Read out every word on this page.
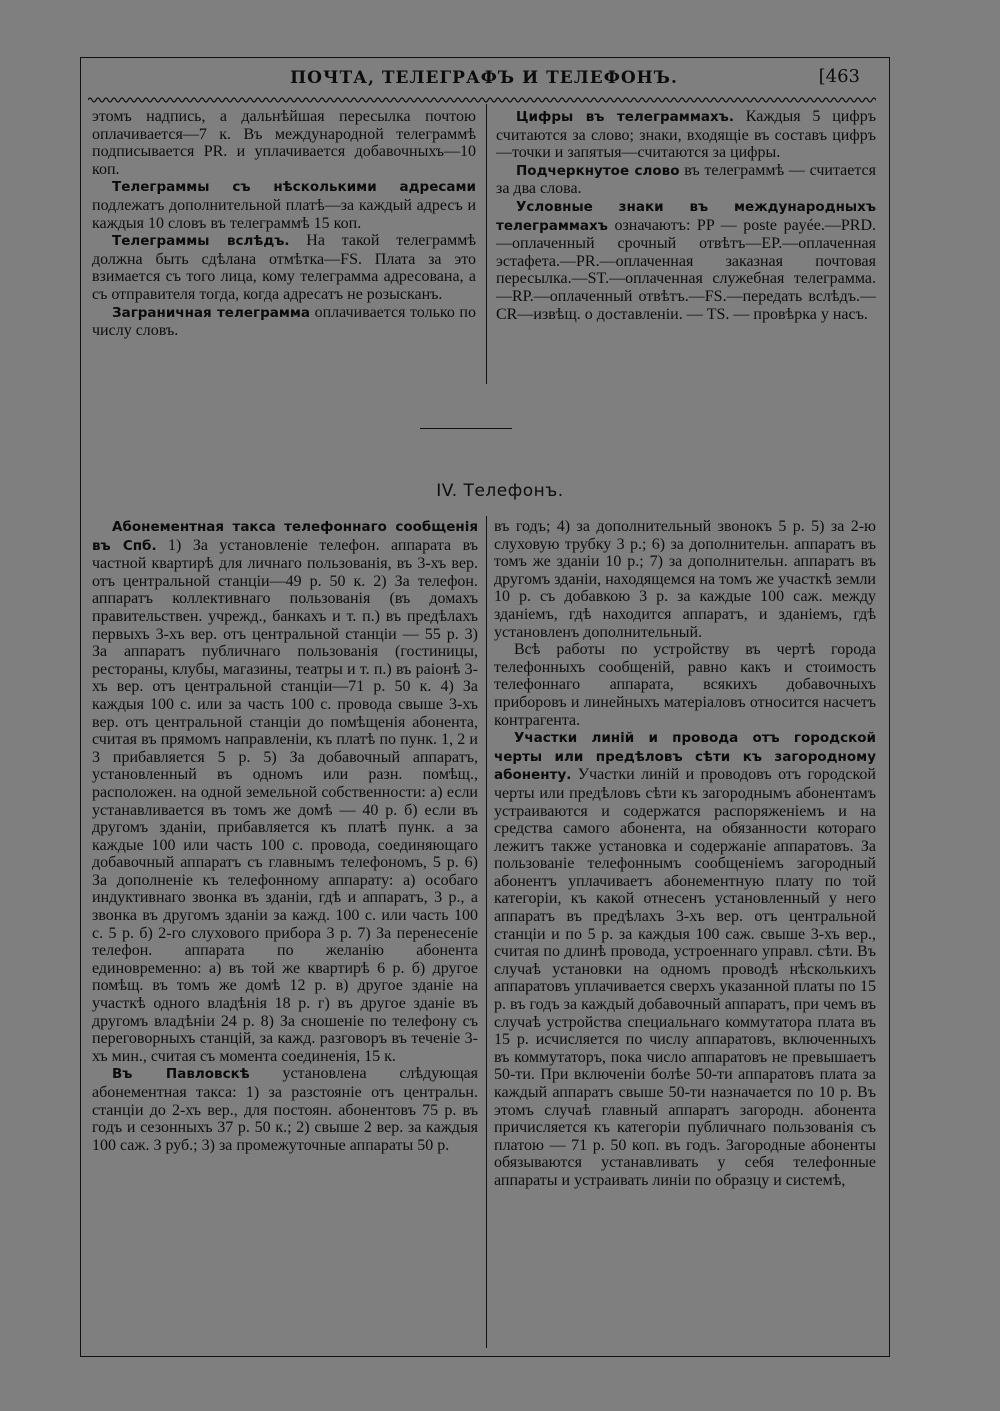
ПОЧТА, ТЕЛЕГРАФЪ И ТЕЛЕФОНЪ.	[463

этомъ надпись, а дальнѣйшая пересылка почтою оплачивается—7 к. Въ международной телеграммѣ подписывается PR. и уплачивается добавочныхъ—10 коп.

Телеграммы съ нѣсколькими адресами подлежатъ дополнительной платѣ—за каждый адресъ и каждыя 10 словъ въ телеграммѣ 15 коп.

Телеграммы вслѣдъ. На такой телеграммѣ должна быть сдѣлана отмѣтка—FS. Плата за это взимается съ того лица, кому телеграмма адресована, а съ отправителя тогда, когда адресатъ не розысканъ.

Заграничная телеграмма оплачивается только по числу словъ.

Цифры въ телеграммахъ. Каждыя 5 цифръ считаются за слово; знаки, входящіе въ составъ цифръ—точки и запятыя—считаются за цифры.

Подчеркнутое слово въ телеграммѣ — считается за два слова.

Условные знаки въ международныхъ телеграммахъ означаютъ: PP — poste payée.—PRD.—оплаченный срочный отвѣтъ—EP.—оплаченная эстафета.—PR.—оплаченная заказная почтовая пересылка.—ST.—оплаченная служебная телеграмма.—RP.—оплаченный отвѣтъ.—FS.—передать вслѣдъ.—CR—извѣщ. о доставленіи. — TS. — провѣрка у насъ.

IV. Телефонъ.

Абонементная такса телефоннаго сообщенія въ Спб. 1) За установленіе телефон. аппарата въ частной квартирѣ для личнаго пользованія, въ 3-хъ вер. отъ центральной станціи—49 р. 50 к. 2) За телефон. аппаратъ коллективнаго пользованія (въ домахъ правительствен. учрежд., банкахъ и т. п.) въ предѣлахъ первыхъ 3-хъ вер. отъ центральной станціи — 55 р. 3) За аппаратъ публичнаго пользованія (гостиницы, рестораны, клубы, магазины, театры и т. п.) въ раіонѣ 3-хъ вер. отъ центральной станціи—71 р. 50 к. 4) За каждыя 100 с. или за часть 100 с. провода свыше 3-хъ вер. отъ центральной станціи до помѣщенія абонента, считая въ прямомъ направленіи, къ платѣ по пунк. 1, 2 и 3 прибавляется 5 р. 5) За добавочный аппаратъ, установленный въ одномъ или разн. помѣщ., расположен. на одной земельной собственности: а) если устанавливается въ томъ же домѣ — 40 р. б) если въ другомъ зданіи, прибавляется къ платѣ пунк. а за каждые 100 или часть 100 с. провода, соединяющаго добавочный аппаратъ съ главнымъ телефономъ, 5 р. 6) За дополненіе къ телефонному аппарату: а) особаго индуктивнаго звонка въ зданіи, гдѣ и аппаратъ, 3 р., а звонка въ другомъ зданіи за кажд. 100 с. или часть 100 с. 5 р. б) 2-го слухового прибора 3 р. 7) За перенесеніе телефон. аппарата по желанію абонента единовременно: а) въ той же квартирѣ 6 р. б) другое помѣщ. въ томъ же домѣ 12 р. в) другое зданіе на участкѣ одного владѣнія 18 р. г) въ другое зданіе въ другомъ владѣніи 24 р. 8) За сношеніе по телефону съ переговорныхъ станцій, за кажд. разговоръ въ теченіе 3-хъ мин., считая съ момента соединенія, 15 к.

Въ Павловскѣ установлена слѣдующая абонементная такса: 1) за разстояніе отъ центральн. станціи до 2-хъ вер., для постоян. абонентовъ 75 р. въ годъ и сезонныхъ 37 р. 50 к.; 2) свыше 2 вер. за каждыя 100 саж. 3 руб.; 3) за промежуточные аппараты 50 р.

въ годъ; 4) за дополнительный звонокъ 5 р. 5) за 2-ю слуховую трубку 3 р.; 6) за дополнительн. аппаратъ въ томъ же зданіи 10 р.; 7) за дополнительн. аппаратъ въ другомъ зданіи, находящемся на томъ же участкѣ земли 10 р. съ добавкою 3 р. за каждые 100 саж. между зданіемъ, гдѣ находится аппаратъ, и зданіемъ, гдѣ установленъ дополнительный.

Всѣ работы по устройству въ чертѣ города телефонныхъ сообщеній, равно какъ и стоимость телефоннаго аппарата, всякихъ добавочныхъ приборовъ и линейныхъ матеріаловъ относится насчетъ контрагента.

Участки линій и провода отъ городской черты или предѣловъ сѣти къ загородному абоненту. Участки линій и проводовъ отъ городской черты или предѣловъ сѣти къ загороднымъ абонентамъ устраиваются и содержатся распоряженіемъ и на средства самого абонента, на обязанности котораго лежитъ также установка и содержаніе аппаратовъ. За пользованіе телефоннымъ сообщеніемъ загородный абонентъ уплачиваетъ абонементную плату по той категоріи, къ какой отнесенъ установленный у него аппаратъ въ предѣлахъ 3-хъ вер. отъ центральной станціи и по 5 р. за каждыя 100 саж. свыше 3-хъ вер., считая по длинѣ провода, устроеннаго управл. сѣти. Въ случаѣ установки на одномъ проводѣ нѣсколькихъ аппаратовъ уплачивается сверхъ указанной платы по 15 р. въ годъ за каждый добавочный аппаратъ, при чемъ въ случаѣ устройства специальнаго коммутатора плата въ 15 р. исчисляется по числу аппаратовъ, включенныхъ въ коммутаторъ, пока число аппаратовъ не превышаетъ 50-ти. При включеніи болѣе 50-ти аппаратовъ плата за каждый аппаратъ свыше 50-ти назначается по 10 р. Въ этомъ случаѣ главный аппаратъ загородн. абонента причисляется къ категоріи публичнаго пользованія съ платою — 71 р. 50 коп. въ годъ. Загородные абоненты обязываются устанавливать у себя телефонные аппараты и устраивать линіи по образцу и системѣ,
